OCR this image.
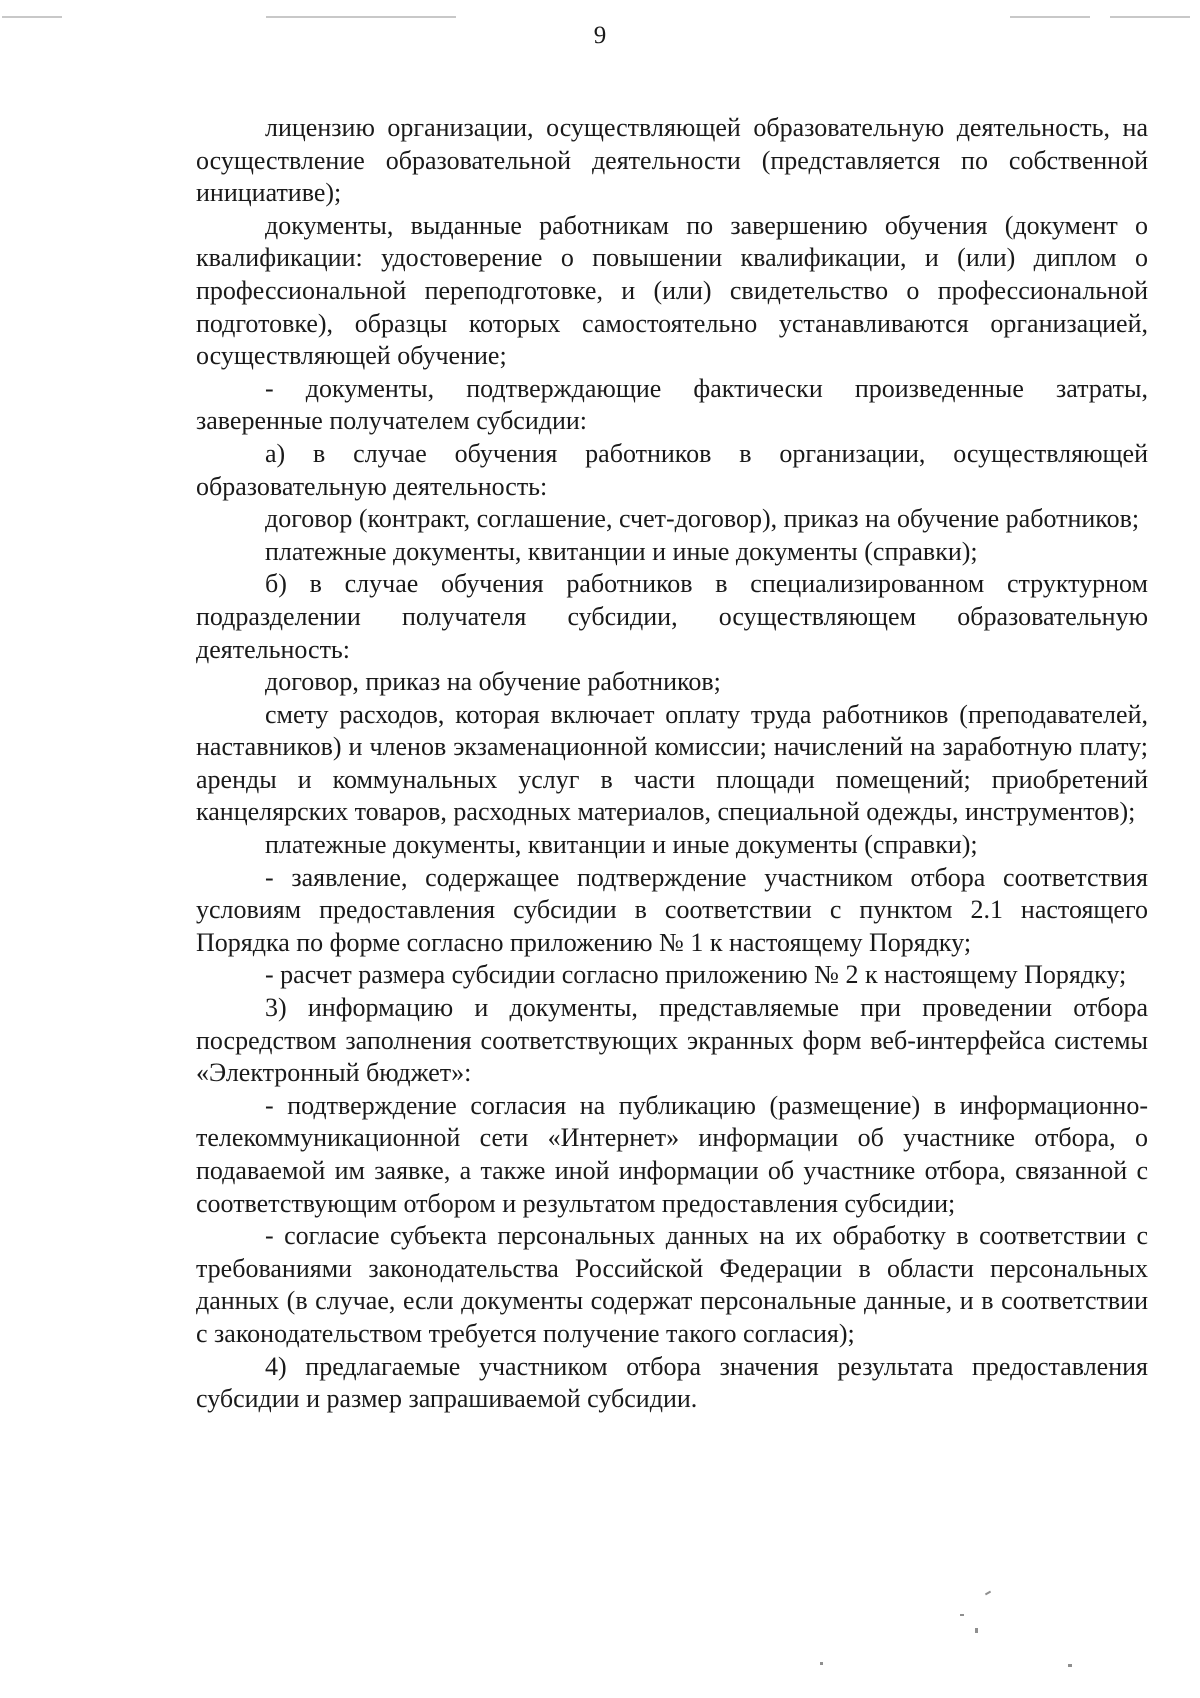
9

лицензию организации, осуществляющей образовательную деятельность, на осуществление образовательной деятельности (представляется по собственной инициативе);

документы, выданные работникам по завершению обучения (документ о квалификации: удостоверение о повышении квалификации, и (или) диплом о профессиональной переподготовке, и (или) свидетельство о профессиональной подготовке), образцы которых самостоятельно устанавливаются организацией, осуществляющей обучение;

- документы, подтверждающие фактически произведенные затраты, заверенные получателем субсидии:

а) в случае обучения работников в организации, осуществляющей образовательную деятельность:

договор (контракт, соглашение, счет-договор), приказ на обучение работников;

платежные документы, квитанции и иные документы (справки);

б) в случае обучения работников в специализированном структурном подразделении получателя субсидии, осуществляющем образовательную деятельность:

договор, приказ на обучение работников;

смету расходов, которая включает оплату труда работников (преподавателей, наставников) и членов экзаменационной комиссии; начислений на заработную плату; аренды и коммунальных услуг в части площади помещений; приобретений канцелярских товаров, расходных материалов, специальной одежды, инструментов);

платежные документы, квитанции и иные документы (справки);

- заявление, содержащее подтверждение участником отбора соответствия условиям предоставления субсидии в соответствии с пунктом 2.1 настоящего Порядка по форме согласно приложению № 1 к настоящему Порядку;

- расчет размера субсидии согласно приложению № 2 к настоящему Порядку;

3) информацию и документы, представляемые при проведении отбора посредством заполнения соответствующих экранных форм веб-интерфейса системы «Электронный бюджет»:

- подтверждение согласия на публикацию (размещение) в информационно-телекоммуникационной сети «Интернет» информации об участнике отбора, о подаваемой им заявке, а также иной информации об участнике отбора, связанной с соответствующим отбором и результатом предоставления субсидии;

- согласие субъекта персональных данных на их обработку в соответствии с требованиями законодательства Российской Федерации в области персональных данных (в случае, если документы содержат персональные данные, и в соответствии с законодательством требуется получение такого согласия);

4) предлагаемые участником отбора значения результата предоставления субсидии и размер запрашиваемой субсидии.
